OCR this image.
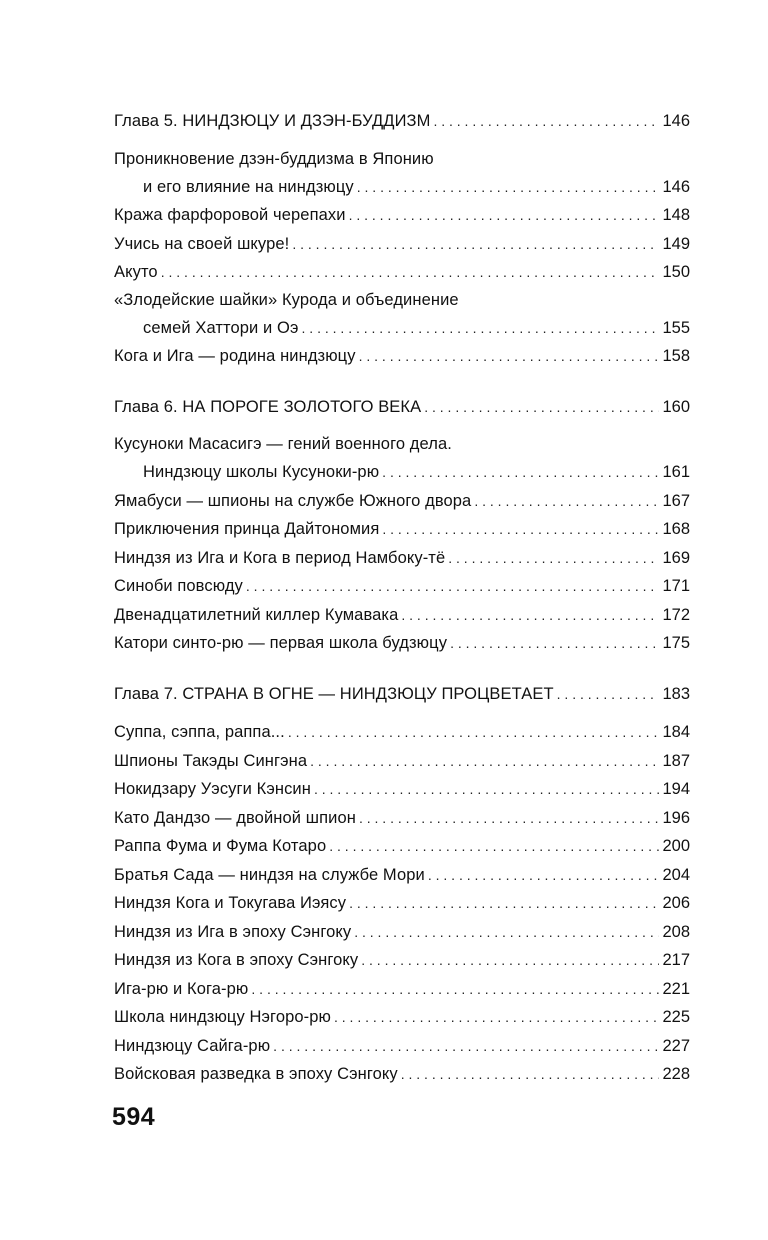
Глава 5. НИНДЗЮЦУ И ДЗЭН-БУДДИЗМ . . .	146
Проникновение дзэн-буддизма в Японию
и его влияние на ниндзюцу . . .	146
Кража фарфоровой черепахи . . .	148
Учись на своей шкуре! . . .	149
Акуто . . .	150
«Злодейские шайки» Курода и объединение
семей Хаттори и Оэ . . .	155
Кога и Ига — родина ниндзюцу . . .	158
Глава 6. НА ПОРОГЕ ЗОЛОТОГО ВЕКА . . .	160
Кусуноки Масасигэ — гений военного дела.
Ниндзюцу школы Кусуноки-рю . . .	161
Ямабуси — шпионы на службе Южного двора . . .	167
Приключения принца Дайтономия . . .	168
Ниндзя из Ига и Кога в период Намбоку-тё . . .	169
Синоби повсюду . . .	171
Двенадцатилетний киллер Кумавака . . .	172
Катори синто-рю — первая школа будзюцу . . .	175
Глава 7. СТРАНА В ОГНЕ — НИНДЗЮЦУ ПРОЦВЕТАЕТ . . .	183
Суппа, сэппа, раппа... . . .	184
Шпионы Такэды Сингэна . . .	187
Нокидзару Уэсуги Кэнсин . . .	194
Като Дандзо — двойной шпион . . .	196
Раппа Фума и Фума Котаро . . .	200
Братья Сада — ниндзя на службе Мори . . .	204
Ниндзя Кога и Токугава Иэясу . . .	206
Ниндзя из Ига в эпоху Сэнгоку . . .	208
Ниндзя из Кога в эпоху Сэнгоку . . .	217
Ига-рю и Кога-рю . . .	221
Школа ниндзюцу Нэгоро-рю . . .	225
Ниндзюцу Сайга-рю . . .	227
Войсковая разведка в эпоху Сэнгоку . . .	228
594
